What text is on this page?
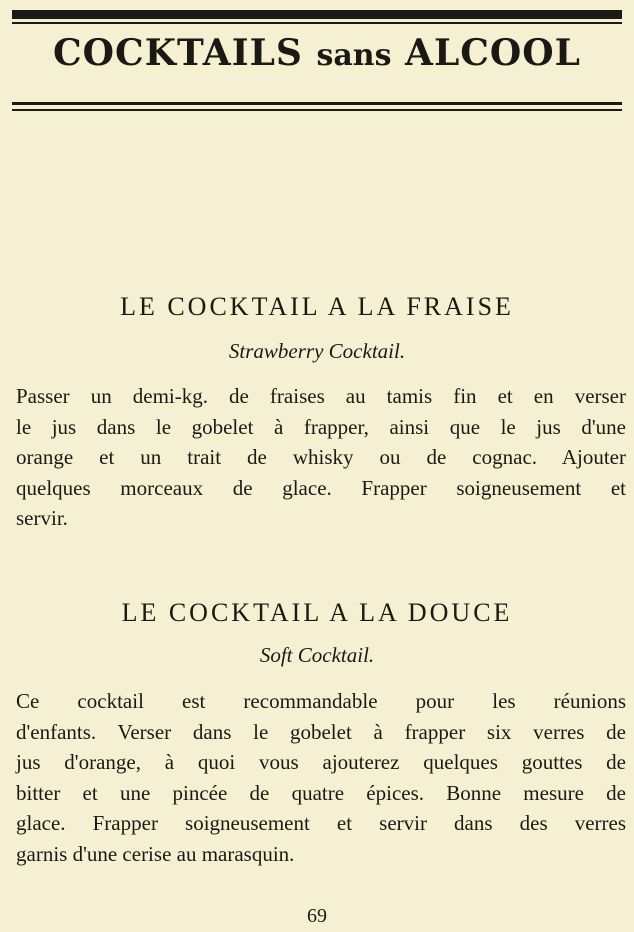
COCKTAILS sans ALCOOL
LE COCKTAIL A LA FRAISE
Strawberry Cocktail.
Passer un demi-kg. de fraises au tamis fin et en verser
le jus dans le gobelet à frapper, ainsi que le jus d'une
orange et un trait de whisky ou de cognac. Ajouter
quelques morceaux de glace. Frapper soigneusement et
servir.
LE COCKTAIL A LA DOUCE
Soft Cocktail.
Ce cocktail est recommandable pour les réunions
d'enfants. Verser dans le gobelet à frapper six verres de
jus d'orange, à quoi vous ajouterez quelques gouttes de
bitter et une pincée de quatre épices. Bonne mesure de
glace. Frapper soigneusement et servir dans des verres
garnis d'une cerise au marasquin.
69
